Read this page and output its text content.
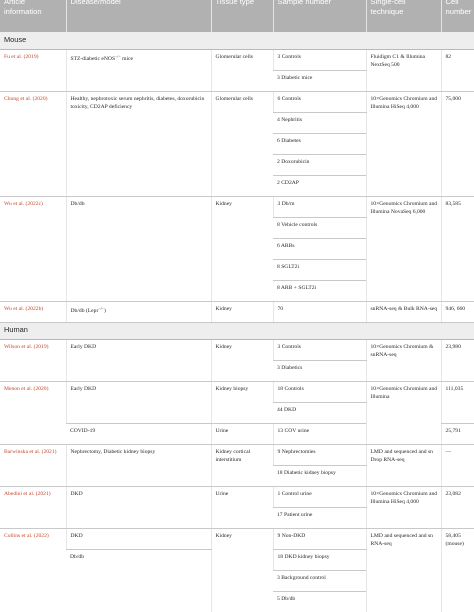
Article information	Disease/model	Tissue type	Sample number	Single-cell technique	Cell number
Mouse					
Fu et al. (2019)	STZ-diabetic eNOS−/− mice	Glomerular cells	3 Controls	Fluidigm C1 & Illumina NextSeq 500	82
			3 Diabetic mice		
Chung et al. (2020)	Healthy, nephrotoxic serum nephritis, diabetes, doxorubicin toxicity, CD2AP deficiency	Glomerular cells	6 Controls	10×Genomics Chromium and Illumina HiSeq 4,000	75,000
			4 Nephritis		
			6 Diabetes		
			2 Doxorubicin		
			2 CD2AP		
Wu et al. (2022c)	Db/db	Kidney	3 Db/m	10×Genomics Chromium and Illumina NovaSeq 6,000	83,585
			8 Vehicle controls		
			6 ARBs		
			8 SGLT2i		
			8 ARB + SGLT2i		
Wu et al. (2022b)	Db/db (Lepr−/−)	Kidney	70	snRNA-seq & Bulk RNA-seq	946, 660
Human					
Wilson et al. (2019)	Early DKD	Kidney	3 Controls	10×Genomics Chromium & snRNA-seq	23,980
			3 Diabetics		
Menon et al. (2020)	Early DKD	Kidney biopsy	18 Controls	10×Genomics Chromium and Illumina	111,035
			44 DKD		
	COVID-19	Urine	13 COV urine		25,791
Barwinska et al. (2021)	Nephrectomy, Diabetic kidney biopsy	Kidney cortical interstitium	9 Nephrectomies	LMD and sequenced and sn Drop RNA-seq	—
			18 Diabetic kidney biopsy		
Abedini et al. (2021)	DKD	Urine	1 Control urine	10×Genomics Chromium and Illumina HiSeq 4,000	23,082
			17 Patient urine		
Collins et al. (2022)	DKD	Kidney	9 Non-DKD	LMD and sequenced and sn RNA-seq	58,405 (mouse)
	Db/db		18 DKD kidney biopsy		
			3 Background control		
			5 Db/db		
